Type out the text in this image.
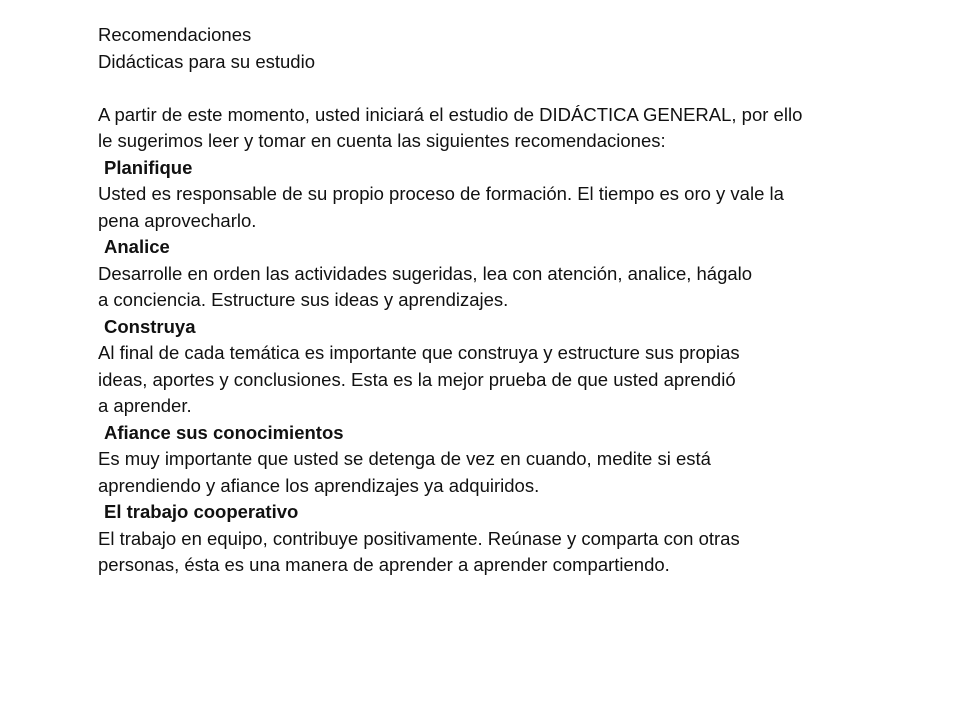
Recomendaciones
Didácticas para su estudio
A partir de este momento, usted iniciará el estudio de DIDÁCTICA GENERAL, por ello
le sugerimos leer y tomar en cuenta las siguientes recomendaciones:
Planifique
Usted es responsable de su propio proceso de formación. El tiempo es oro y vale la
pena aprovecharlo.
Analice
Desarrolle en orden las actividades sugeridas, lea con atención, analice, hágalo
a conciencia. Estructure sus ideas y aprendizajes.
Construya
Al final de cada temática es importante que construya y estructure sus propias
ideas, aportes y conclusiones. Esta es la mejor prueba de que usted aprendió
a aprender.
Afiance sus conocimientos
Es muy importante que usted se detenga de vez en cuando, medite si está
aprendiendo y afiance los aprendizajes ya adquiridos.
El trabajo cooperativo
El trabajo en equipo, contribuye positivamente. Reúnase y comparta con otras
personas, ésta es una manera de aprender a aprender compartiendo.
